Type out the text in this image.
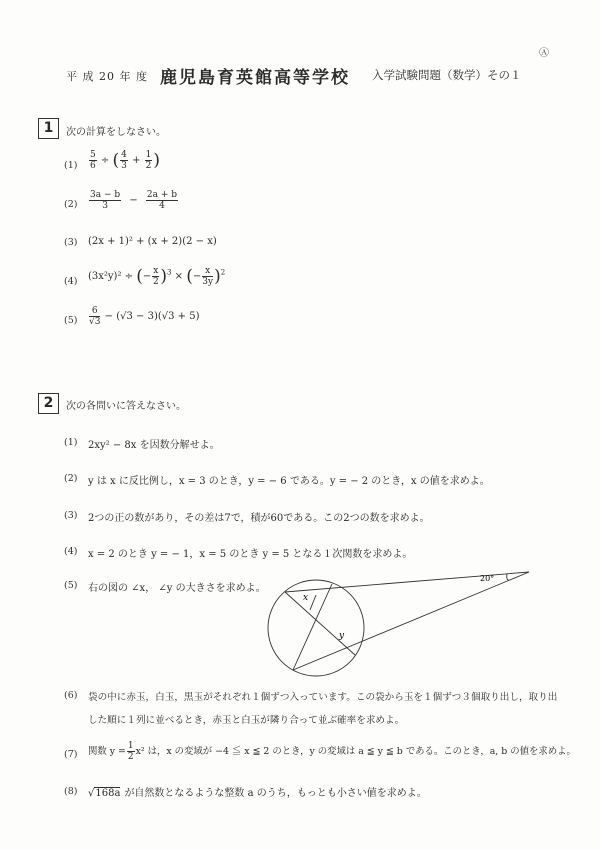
Ⓐ
平 成 20 年 度 鹿児島育英館高等学校 入学試験問題（数学）その１
1	次の計算をしなさい。
$(1) \frac{5}{6}$ ÷ ( $\frac{4}{3} + \frac{1}{2}$ )
$(2) \frac{3a - b}{3} - \frac{2a + b}{4}$
(3) (2x + 1)² + (x + 2)(2 − x)
(4) (3x²y)² ÷ (− $\frac{x}{2} )^3$ × (− $\frac{x}{3y} )^2$
$(5) \frac{6}{√3} - (√3 - 3)(√3 + 5)$
2	次の各問いに答えなさい。
(1) 2xy² − 8x を因数分解せよ。
(2) y は x に反比例し，x = 3 のとき，y = − 6 である。y = − 2 のとき，x の値を求めよ。
(3) 2つの正の数があり，その差は7で，積が60である。この2つの数を求めよ。
(4) x = 2 のとき y = − 1，x = 5 のとき y = 5 となる１次関数を求めよ。
(5) 右の図の ∠x， ∠y の大きさを求めよ。
20°
x
y
(6) 袋の中に赤玉，白玉，黒玉がそれぞれ１個ずつ入っています。この袋から玉を１個ずつ３個取り出し，取り出
した順に１列に並べるとき，赤玉と白玉が隣り合って並ぶ確率を求めよ。
(7) 関数 $y = \frac{1}{2} x^2$ は，x の変域が −4 ≦ x ≦ 2 のとき，y の変域は a ≦ y ≦ b である。このとき，a, b の値を求めよ。
(8) √168a が自然数となるような整数 a のうち，もっとも小さい値を求めよ。
